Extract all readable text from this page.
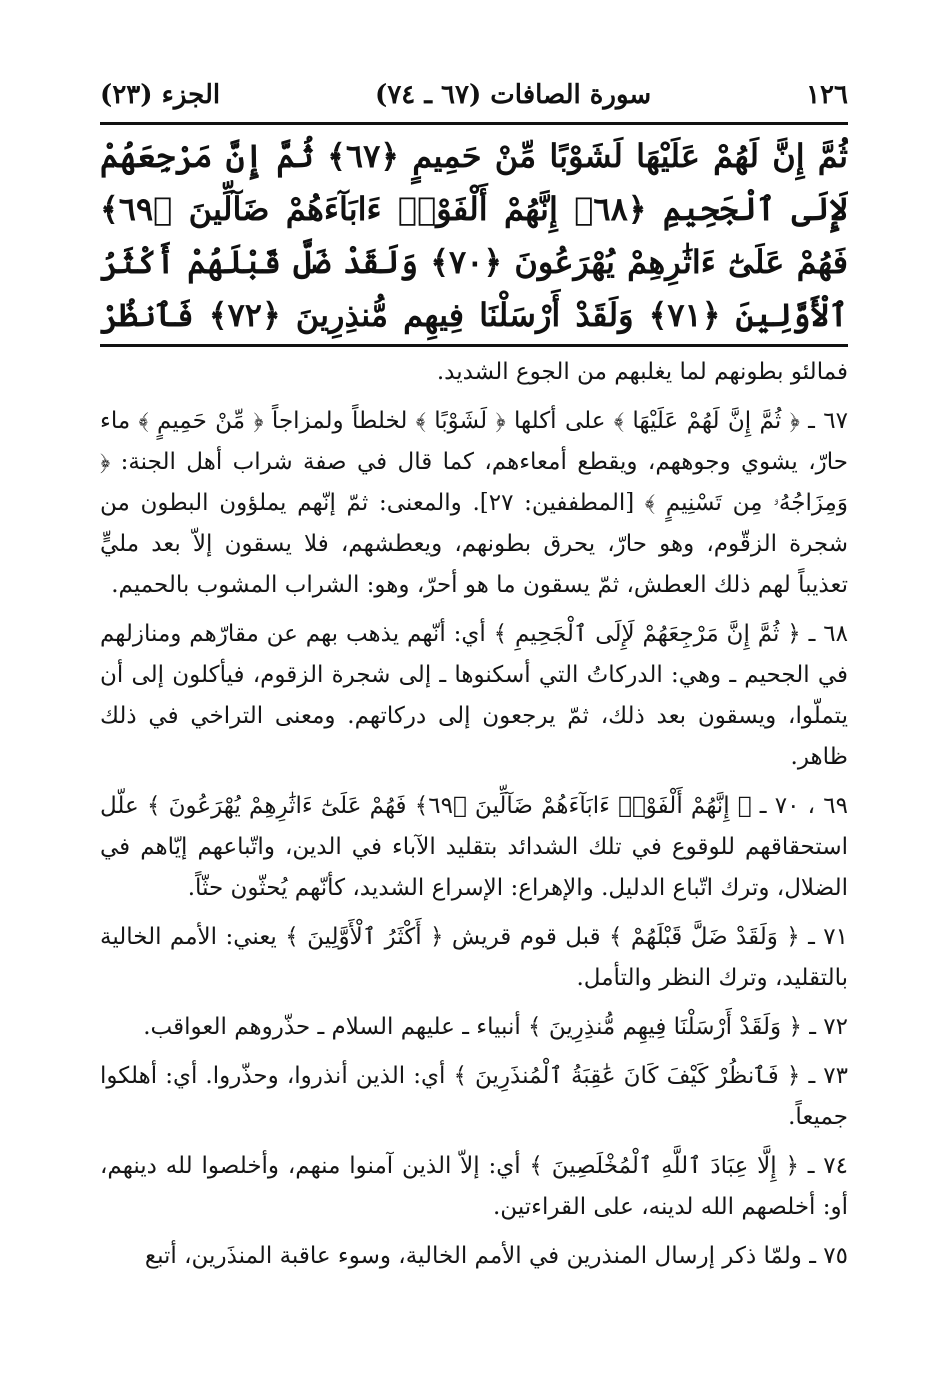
١٢٦
سورة الصافات (٦٧ ـ ٧٤)
الجزء (٢٣)
ثُمَّ إِنَّ لَهُمْ عَلَيْهَا لَشَوْبًا مِّنْ حَمِيمٍ ﴿٦٧﴾ ثُمَّ إِنَّ مَرْجِعَهُمْ لَإِلَى ٱلْجَحِيمِ ﴿٦٨﴾ إِنَّهُمْ أَلْفَوْا۟ ءَابَآءَهُمْ ضَآلِّينَ ﴿٦٩﴾ فَهُمْ عَلَىٰٓ ءَاثَٰرِهِمْ يُهْرَعُونَ ﴿٧٠﴾ وَلَقَدْ ضَلَّ قَبْلَهُمْ أَكْثَرُ ٱلْأَوَّلِينَ ﴿٧١﴾ وَلَقَدْ أَرْسَلْنَا فِيهِم مُّنذِرِينَ ﴿٧٢﴾ فَٱنظُرْ

فمالئو بطونهم لما يغلبهم من الجوع الشديد.

٦٧ ـ ﴿ ثُمَّ إِنَّ لَهُمْ عَلَيْهَا ﴾ على أكلها ﴿ لَشَوْبًا ﴾ لخلطاً ولمزاجاً ﴿ مِّنْ حَمِيمٍ ﴾ ماء حارّ، يشوي وجوههم، ويقطع أمعاءهم، كما قال في صفة شراب أهل الجنة: ﴿ وَمِزَاجُهُۥ مِن تَسْنِيمٍ ﴾ [المطففين: ٢٧]. والمعنى: ثمّ إنّهم يملؤون البطون من شجرة الزقّوم، وهو حارّ، يحرق بطونهم، ويعطشهم، فلا يسقون إلاّ بعد مليٍّ تعذيباً لهم ذلك العطش، ثمّ يسقون ما هو أحرّ، وهو: الشراب المشوب بالحميم.

٦٨ ـ ﴿ ثُمَّ إِنَّ مَرْجِعَهُمْ لَإِلَى ٱلْجَحِيمِ ﴾ أي: أنّهم يذهب بهم عن مقارّهم ومنازلهم في الجحيم ـ وهي: الدركاتُ التي أسكنوها ـ إلى شجرة الزقوم، فيأكلون إلى أن يتملّوا، ويسقون بعد ذلك، ثمّ يرجعون إلى دركاتهم. ومعنى التراخي في ذلك ظاهر.

٦٩ ، ٧٠ ـ ﴿ إِنَّهُمْ أَلْفَوْا۟ ءَابَآءَهُمْ ضَآلِّينَ ﴿٦٩﴾ فَهُمْ عَلَىٰٓ ءَاثَٰرِهِمْ يُهْرَعُونَ ﴾ علّل استحقاقهم للوقوع في تلك الشدائد بتقليد الآباء في الدين، واتّباعهم إيّاهم في الضلال، وترك اتّباع الدليل. والإهراع: الإسراع الشديد، كأنّهم يُحثّون حثّاً.

٧١ ـ ﴿ وَلَقَدْ ضَلَّ قَبْلَهُمْ ﴾ قبل قوم قريش ﴿ أَكْثَرُ ٱلْأَوَّلِينَ ﴾ يعني: الأمم الخالية بالتقليد، وترك النظر والتأمل.

٧٢ ـ ﴿ وَلَقَدْ أَرْسَلْنَا فِيهِم مُّنذِرِينَ ﴾ أنبياء ـ عليهم السلام ـ حذّروهم العواقب.

٧٣ ـ ﴿ فَٱنظُرْ كَيْفَ كَانَ عَٰقِبَةُ ٱلْمُنذَرِينَ ﴾ أي: الذين أنذروا، وحذّروا. أي: أهلكوا جميعاً.

٧٤ ـ ﴿ إِلَّا عِبَادَ ٱللَّهِ ٱلْمُخْلَصِينَ ﴾ أي: إلاّ الذين آمنوا منهم، وأخلصوا لله دينهم، أو: أخلصهم الله لدينه، على القراءتين.

٧٥ ـ ولمّا ذكر إرسال المنذرين في الأمم الخالية، وسوء عاقبة المنذَرين، أتبع
